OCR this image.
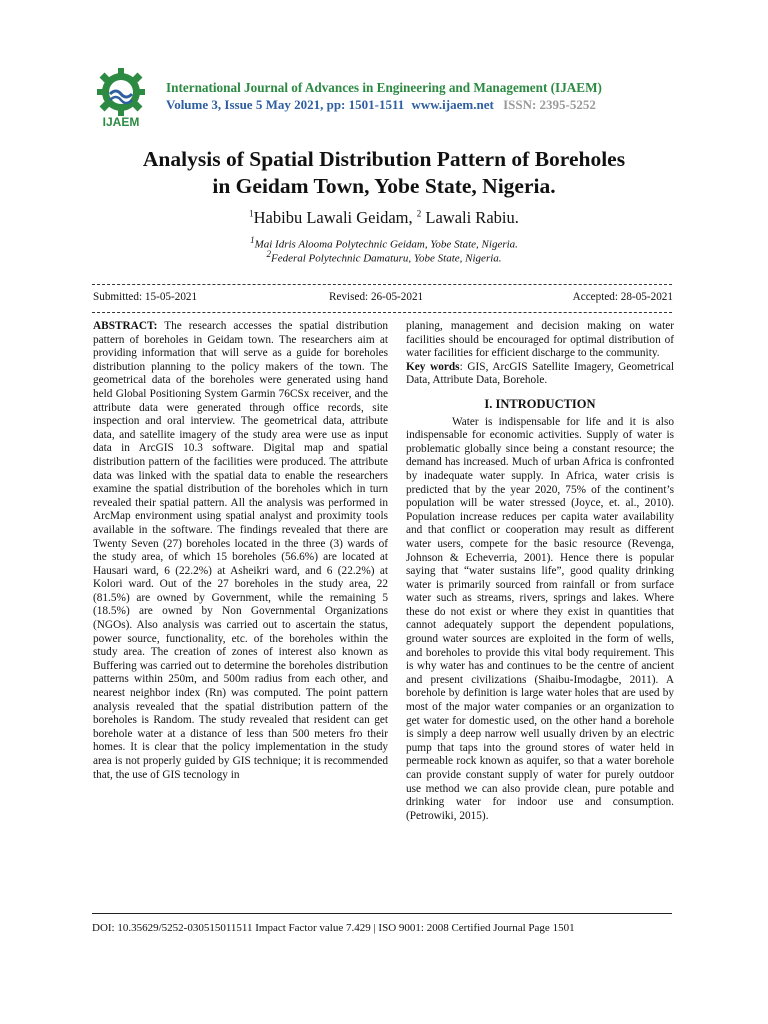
IJAEM
International Journal of Advances in Engineering and Management (IJAEM)
Volume 3, Issue 5 May 2021, pp: 1501-1511 www.ijaem.net ISSN: 2395-5252
Analysis of Spatial Distribution Pattern of Boreholes
in Geidam Town, Yobe State, Nigeria.
$^1$Habibu Lawali Geidam, $^2$ Lawali Rabiu.
$^1$Mai Idris Alooma Polytechnic Geidam, Yobe State, Nigeria.
$^2$Federal Polytechnic Damaturu, Yobe State, Nigeria.
Submitted: 15-05-2021	Revised: 26-05-2021	Accepted: 28-05-2021

ABSTRACT: The research accesses the spatial distribution pattern of boreholes in Geidam town. The researchers aim at providing information that will serve as a guide for boreholes distribution planning to the policy makers of the town. The geometrical data of the boreholes were generated using hand held Global Positioning System Garmin 76CSx receiver, and the attribute data were generated through office records, site inspection and oral interview. The geometrical data, attribute data, and satellite imagery of the study area were use as input data in ArcGIS 10.3 software. Digital map and spatial distribution pattern of the facilities were produced. The attribute data was linked with the spatial data to enable the researchers examine the spatial distribution of the boreholes which in turn revealed their spatial pattern. All the analysis was performed in ArcMap environment using spatial analyst and proximity tools available in the software. The findings revealed that there are Twenty Seven (27) boreholes located in the three (3) wards of the study area, of which 15 boreholes (56.6%) are located at Hausari ward, 6 (22.2%) at Asheikri ward, and 6 (22.2%) at Kolori ward. Out of the 27 boreholes in the study area, 22 (81.5%) are owned by Government, while the remaining 5 (18.5%) are owned by Non Governmental Organizations (NGOs). Also analysis was carried out to ascertain the status, power source, functionality, etc. of the boreholes within the study area. The creation of zones of interest also known as Buffering was carried out to determine the boreholes distribution patterns within 250m, and 500m radius from each other, and nearest neighbor index (Rn) was computed. The point pattern analysis revealed that the spatial distribution pattern of the boreholes is Random. The study revealed that resident can get borehole water at a distance of less than 500 meters fro their homes. It is clear that the policy implementation in the study area is not properly guided by GIS technique; it is recommended that, the use of GIS tecnology in

planing, management and decision making on water facilities should be encouraged for optimal distribution of water facilities for efficient discharge to the community.

Key words: GIS, ArcGIS Satellite Imagery, Geometrical Data, Attribute Data, Borehole.

I. INTRODUCTION

Water is indispensable for life and it is also indispensable for economic activities. Supply of water is problematic globally since being a constant resource; the demand has increased. Much of urban Africa is confronted by inadequate water supply. In Africa, water crisis is predicted that by the year 2020, 75% of the continent’s population will be water stressed (Joyce, et. al., 2010). Population increase reduces per capita water availability and that conflict or cooperation may result as different water users, compete for the basic resource (Revenga, Johnson & Echeverria, 2001). Hence there is popular saying that “water sustains life”, good quality drinking water is primarily sourced from rainfall or from surface water such as streams, rivers, springs and lakes. Where these do not exist or where they exist in quantities that cannot adequately support the dependent populations, ground water sources are exploited in the form of wells, and boreholes to provide this vital body requirement. This is why water has and continues to be the centre of ancient and present civilizations (Shaibu-Imodagbe, 2011). A borehole by definition is large water holes that are used by most of the major water companies or an organization to get water for domestic used, on the other hand a borehole is simply a deep narrow well usually driven by an electric pump that taps into the ground stores of water held in permeable rock known as aquifer, so that a water borehole can provide constant supply of water for purely outdoor use method we can also provide clean, pure potable and drinking water for indoor use and consumption. (Petrowiki, 2015).

DOI: 10.35629/5252-030515011511 Impact Factor value 7.429 | ISO 9001: 2008 Certified Journal Page 1501
